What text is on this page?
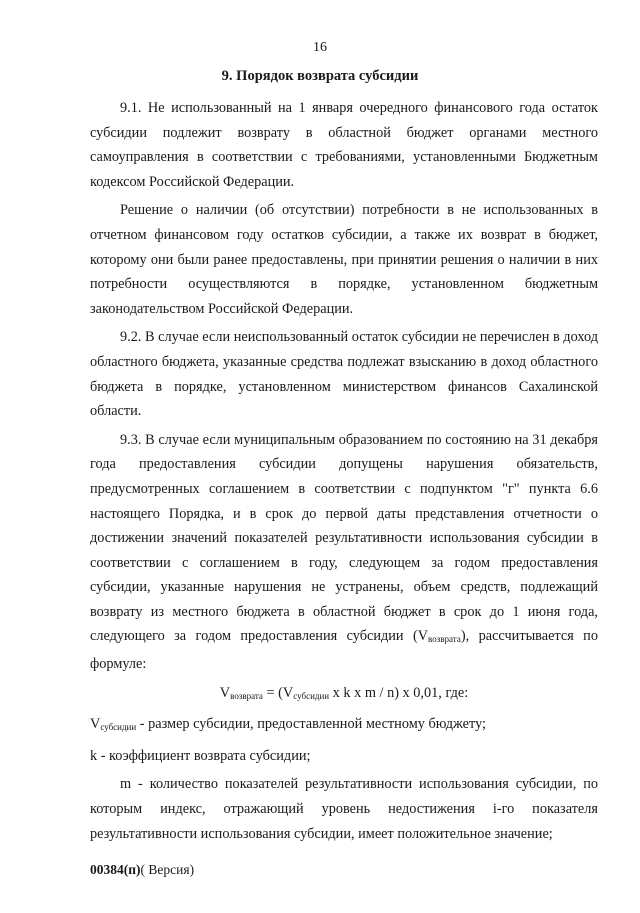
16
9. Порядок возврата субсидии

9.1. Не использованный на 1 января очередного финансового года остаток субсидии подлежит возврату в областной бюджет органами местного самоуправления в соответствии с требованиями, установленными Бюджетным кодексом Российской Федерации.

Решение о наличии (об отсутствии) потребности в не использованных в отчетном финансовом году остатков субсидии, а также их возврат в бюджет, которому они были ранее предоставлены, при принятии решения о наличии в них потребности осуществляются в порядке, установленном бюджетным законодательством Российской Федерации.

9.2. В случае если неиспользованный остаток субсидии не перечислен в доход областного бюджета, указанные средства подлежат взысканию в доход областного бюджета в порядке, установленном министерством финансов Сахалинской области.

9.3. В случае если муниципальным образованием по состоянию на 31 декабря года предоставления субсидии допущены нарушения обязательств, предусмотренных соглашением в соответствии с подпунктом "г" пункта 6.6 настоящего Порядка, и в срок до первой даты представления отчетности о достижении значений показателей результативности использования субсидии в соответствии с соглашением в году, следующем за годом предоставления субсидии, указанные нарушения не устранены, объем средств, подлежащий возврату из местного бюджета в областной бюджет в срок до 1 июня года, следующего за годом предоставления субсидии $(V_{возврата})$, рассчитывается по формуле:

$V_{возврата} = (V_{субсидии}$ x k x m / n) x 0,01, где:

$V_{субсидии}$ - размер субсидии, предоставленной местному бюджету;

k - коэффициент возврата субсидии;

m - количество показателей результативности использования субсидии, по которым индекс, отражающий уровень недостижения i-го показателя результативности использования субсидии, имеет положительное значение;

00384(п)( Версия)
